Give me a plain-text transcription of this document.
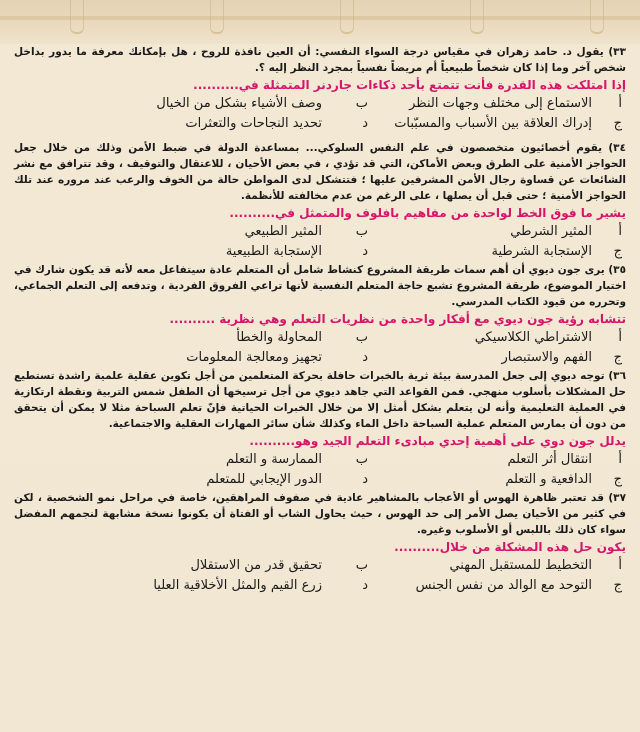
٣٣) يقول د. حامد زهران في مقياس درجة السواء النفسي: أن العين نافذة للروح ، هل بإمكانك معرفة ما يدور بداخل شخص آخر وما إذا كان شخصاً طبيعياً أم مريضاً نفسياً بمجرد النظر إليه ؟.

إذا امتلكت هذه القدرة فأنت تتمتع بأحد ذكاءات جاردنر المتمثلة في..........

أ
الاستماع إلى مختلف وجهات النظر
ب
وصف الأشياء بشكل من الخيال
ج
إدراك العلاقة بين الأسباب والمسبّبات
د
تحديد النجاحات والتعثرات

٣٤) يقوم أخصائيون متخصصون في علم النفس السلوكي... بمساعدة الدولة في ضبط الأمن وذلك من خلال جعل الحواجز الأمنية على الطرق وبعض الأماكن، التي قد تؤدي ، في بعض الأحيان ، للاعتقال والتوقيف ، وقد تترافق مع نشر الشائعات عن قساوة رجال الأمن المشرفين عليها ؛ فتتشكل لدى المواطن حالة من الخوف والرعب عند مروره عند تلك الحواجز الأمنية ؛ حتى قبل أن يصلها ، على الرغم من عدم مخالفته للأنظمة.

يشير ما فوق الخط لواحدة من مفاهيم بافلوف والمتمثل في..........

أ
المثير الشرطي
ب
المثير الطبيعي
ج
الإستجابة الشرطية
د
الإستجابة الطبيعية

٣٥) يرى جون ديوي أن أهم سمات طريقة المشروع كنشاط شامل أن المتعلم عادة سيتفاعل معه لأنه قد يكون شارك في اختيار الموضوع، طريقة المشروع تشبع حاجة المتعلم النفسية لأنها تراعي الفروق الفردية ، وتدفعه إلى التعلم الجماعي، وتحرره من قيود الكتاب المدرسي.

تتشابه رؤية جون ديوي مع أفكار واحدة من نظريات التعلم وهي نظرية ..........

أ
الاشتراطي الكلاسيكي
ب
المحاولة والخطأ
ج
الفهم والاستبصار
د
تجهيز ومعالجة المعلومات

٣٦) توجه ديوي إلى جعل المدرسة بيئة ثرية بالخبرات حافلة بحركة المتعلمين من أجل تكوين عقلية علمية راشدة تستطيع حل المشكلات بأسلوب منهجي. فمن القواعد التي جاهد ديوي من أجل ترسيخها أن الطفل شمس التربية ونقطة ارتكازية في العملية التعليمية وأنه لن يتعلم بشكل أمثل إلا من خلال الخبرات الحياتية فإنّ تعلم السباحة مثلا لا يمكن أن يتحقق من دون أن يمارس المتعلم عملية السباحة داخل الماء وكذلك شأن سائر المهارات العقلية والاجتماعية.

يدلل جون دوي على أهمية إحدي مبادىء التعلم الجيد وهو..........

أ
انتقال أثر التعلم
ب
الممارسة و التعلم
ج
الدافعية و التعلم
د
الدور الإيجابي للمتعلم

٣٧) قد تعتبر ظاهرة الهوس أو الأعجاب بالمشاهير عادية في صفوف المراهقين، خاصة في مراحل نمو الشخصية ، لكن في كثير من الأحيان يصل الأمر إلى حد الهوس ، حيث يحاول الشاب أو الفتاة أن يكونوا نسخة مشابهة لنجمهم المفضل سواء كان ذلك باللبس أو الأسلوب وغيره.

يكون حل هذه المشكلة من خلال..........

أ
التخطيط للمستقبل المهني
ب
تحقيق قدر من الاستقلال
ج
التوحد مع الوالد من نفس الجنس
د
زرع القيم والمثل الأخلاقية العليا
